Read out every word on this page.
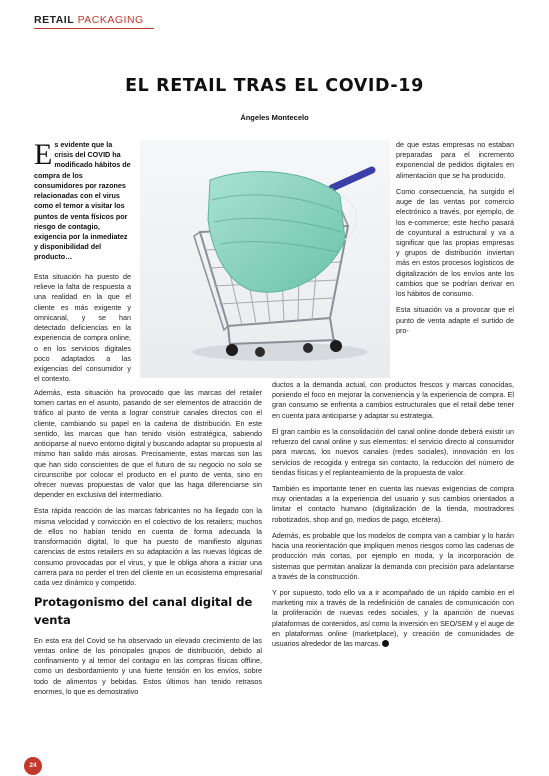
RETAIL PACKAGING
EL RETAIL TRAS EL COVID-19
Ángeles Montecelo
Es evidente que la crisis del COVID ha modificado hábitos de compra de los consumidores por razones relacionadas con el virus como el temor a visitar los puntos de venta físicos por riesgo de contagio, exigencia por la inmediatez y disponibilidad del producto…

Esta situación ha puesto de relieve la falta de respuesta a una realidad en la que el cliente es más exigente y omnicanal, y se han detectado deficiencias en la experiencia de compra online, o en los servicios digitales poco adaptados a las exigencias del consumidor y el contexto.

de que estas empresas no estaban preparadas para el incremento exponencial de pedidos digitales en alimentación que se ha producido.

Como consecuencia, ha surgido el auge de las ventas por comercio electrónico a través, por ejemplo, de los e-commerce; este hecho pasará de coyuntural a estructural y va a significar que las propias empresas y grupos de distribución inviertan más en estos procesos logísticos de digitalización de los envíos ante los cambios que se podrían derivar en los hábitos de consumo.

Esta situación va a provocar que el punto de venta adapte el surtido de pro-

Además, esta situación ha provocado que las marcas del retailer tomen cartas en el asunto, pasando de ser elementos de atracción de tráfico al punto de venta a lograr construir canales directos con el cliente, cambiando su papel en la cadena de distribución. En este sentido, las marcas que han tenido visión estratégica, sabiendo anticiparse al nuevo entorno digital y buscando adaptar su propuesta al mismo han salido más airosas. Precisamente, estas marcas son las que han sido conscientes de que el futuro de su negocio no solo se circunscribe por colocar el producto en el punto de venta, sino en ofrecer nuevas propuestas de valor que las haga diferenciarse sin depender en exclusiva del intermediario.

Esta rápida reacción de las marcas fabricantes no ha llegado con la misma velocidad y convicción en el colectivo de los retailers; muchos de ellos no habían tenido en cuenta de forma adecuada la transformación digital, lo que ha puesto de manifiesto algunas carencias de estos retailers en su adaptación a las nuevas lógicas de consumo provocadas por el virus, y que le obliga ahora a iniciar una carrera para no perder el tren del cliente en un ecosistema empresarial cada vez dinámico y competido.

Protagonismo del canal digital de venta

En esta era del Covid se ha observado un elevado crecimiento de las ventas online de los principales grupos de distribución, debido al confinamiento y al temor del contagio en las compras físicas offline, como un desbordamiento y una fuerte tensión en los envíos, sobre todo de alimentos y bebidas. Estos últimos han tenido retrasos enormes, lo que es demostrativo

ductos a la demanda actual, con productos frescos y marcas conocidas, poniendo el foco en mejorar la conveniencia y la experiencia de compra. El gran consumo se enfrenta a cambios estructurales que el retail debe tener en cuenta para anticiparse y adaptar su estrategia.

El gran cambio es la consolidación del canal online donde deberá existir un refuerzo del canal online y sus elementos: el servicio directo al consumidor para marcas, los nuevos canales (redes sociales), innovación en los servicios de recogida y entrega sin contacto, la reducción del número de tiendas físicas y el replanteamiento de la propuesta de valor.

También es importante tener en cuenta las nuevas exigencias de compra muy orientadas a la experiencia del usuario y sus cambios orientados a limitar el contacto humano (digitalización de la tienda, mostradores robotizados, shop and go, medios de pago, etcétera).

Además, es probable que los modelos de compra van a cambiar y lo harán hacia una reorientación que impliquen menos riesgos como las cadenas de producción más cortas, por ejemplo en moda, y la incorporación de sistemas que permitan analizar la demanda con precisión para adelantarse a través de la construcción.

Y por supuesto, todo ello va a ir acompañado de un rápido cambio en el marketing mix a través de la redefinición de canales de comunicación con la proliferación de nuevas redes sociales, y la aparición de nuevas plataformas de contenidos, así como la inversión en SEO/SEM y el auge de en plataformas online (marketplace), y creación de comunidades de usuarios alrededor de las marcas.

24
